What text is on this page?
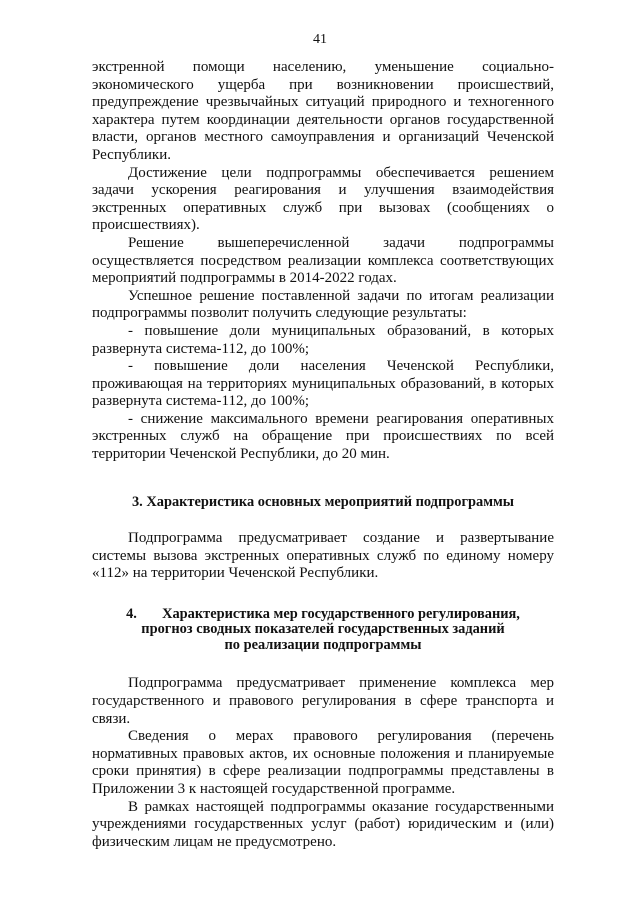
41

экстренной помощи населению, уменьшение социально-экономического ущерба при возникновении происшествий, предупреждение чрезвычайных ситуаций природного и техногенного характера путем координации деятельности органов государственной власти, органов местного самоуправления и организаций Чеченской Республики.

Достижение цели подпрограммы обеспечивается решением задачи ускорения реагирования и улучшения взаимодействия экстренных оперативных служб при вызовах (сообщениях о происшествиях).

Решение вышеперечисленной задачи подпрограммы осуществляется посредством реализации комплекса соответствующих мероприятий подпрограммы в 2014-2022 годах.

Успешное решение поставленной задачи по итогам реализации подпрограммы позволит получить следующие результаты:

- повышение доли муниципальных образований, в которых развернута система-112, до 100%;

- повышение доли населения Чеченской Республики, проживающая на территориях муниципальных образований, в которых развернута система-112, до 100%;

- снижение максимального времени реагирования оперативных экстренных служб на обращение при происшествиях по всей территории Чеченской Республики, до 20 мин.

3. Характеристика основных мероприятий подпрограммы

Подпрограмма предусматривает создание и развертывание системы вызова экстренных оперативных служб по единому номеру «112» на территории Чеченской Республики.

4. Характеристика мер государственного регулирования,
прогноз сводных показателей государственных заданий
по реализации подпрограммы

Подпрограмма предусматривает применение комплекса мер государственного и правового регулирования в сфере транспорта и связи.

Сведения о мерах правового регулирования (перечень нормативных правовых актов, их основные положения и планируемые сроки принятия) в сфере реализации подпрограммы представлены в Приложении 3 к настоящей государственной программе.

В рамках настоящей подпрограммы оказание государственными учреждениями государственных услуг (работ) юридическим и (или) физическим лицам не предусмотрено.
